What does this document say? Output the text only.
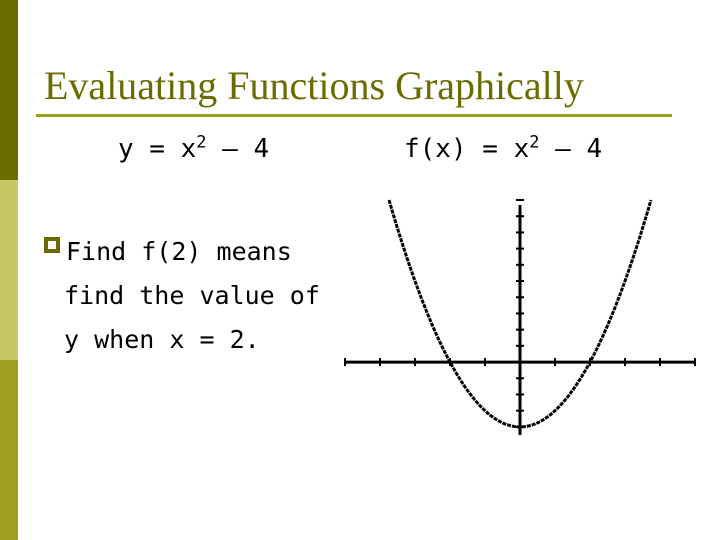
Evaluating Functions Graphically
$y = x^2 - 4$	$f(x) = x^2 - 4$
Find f(2) means
find the value of
y when x = 2.
